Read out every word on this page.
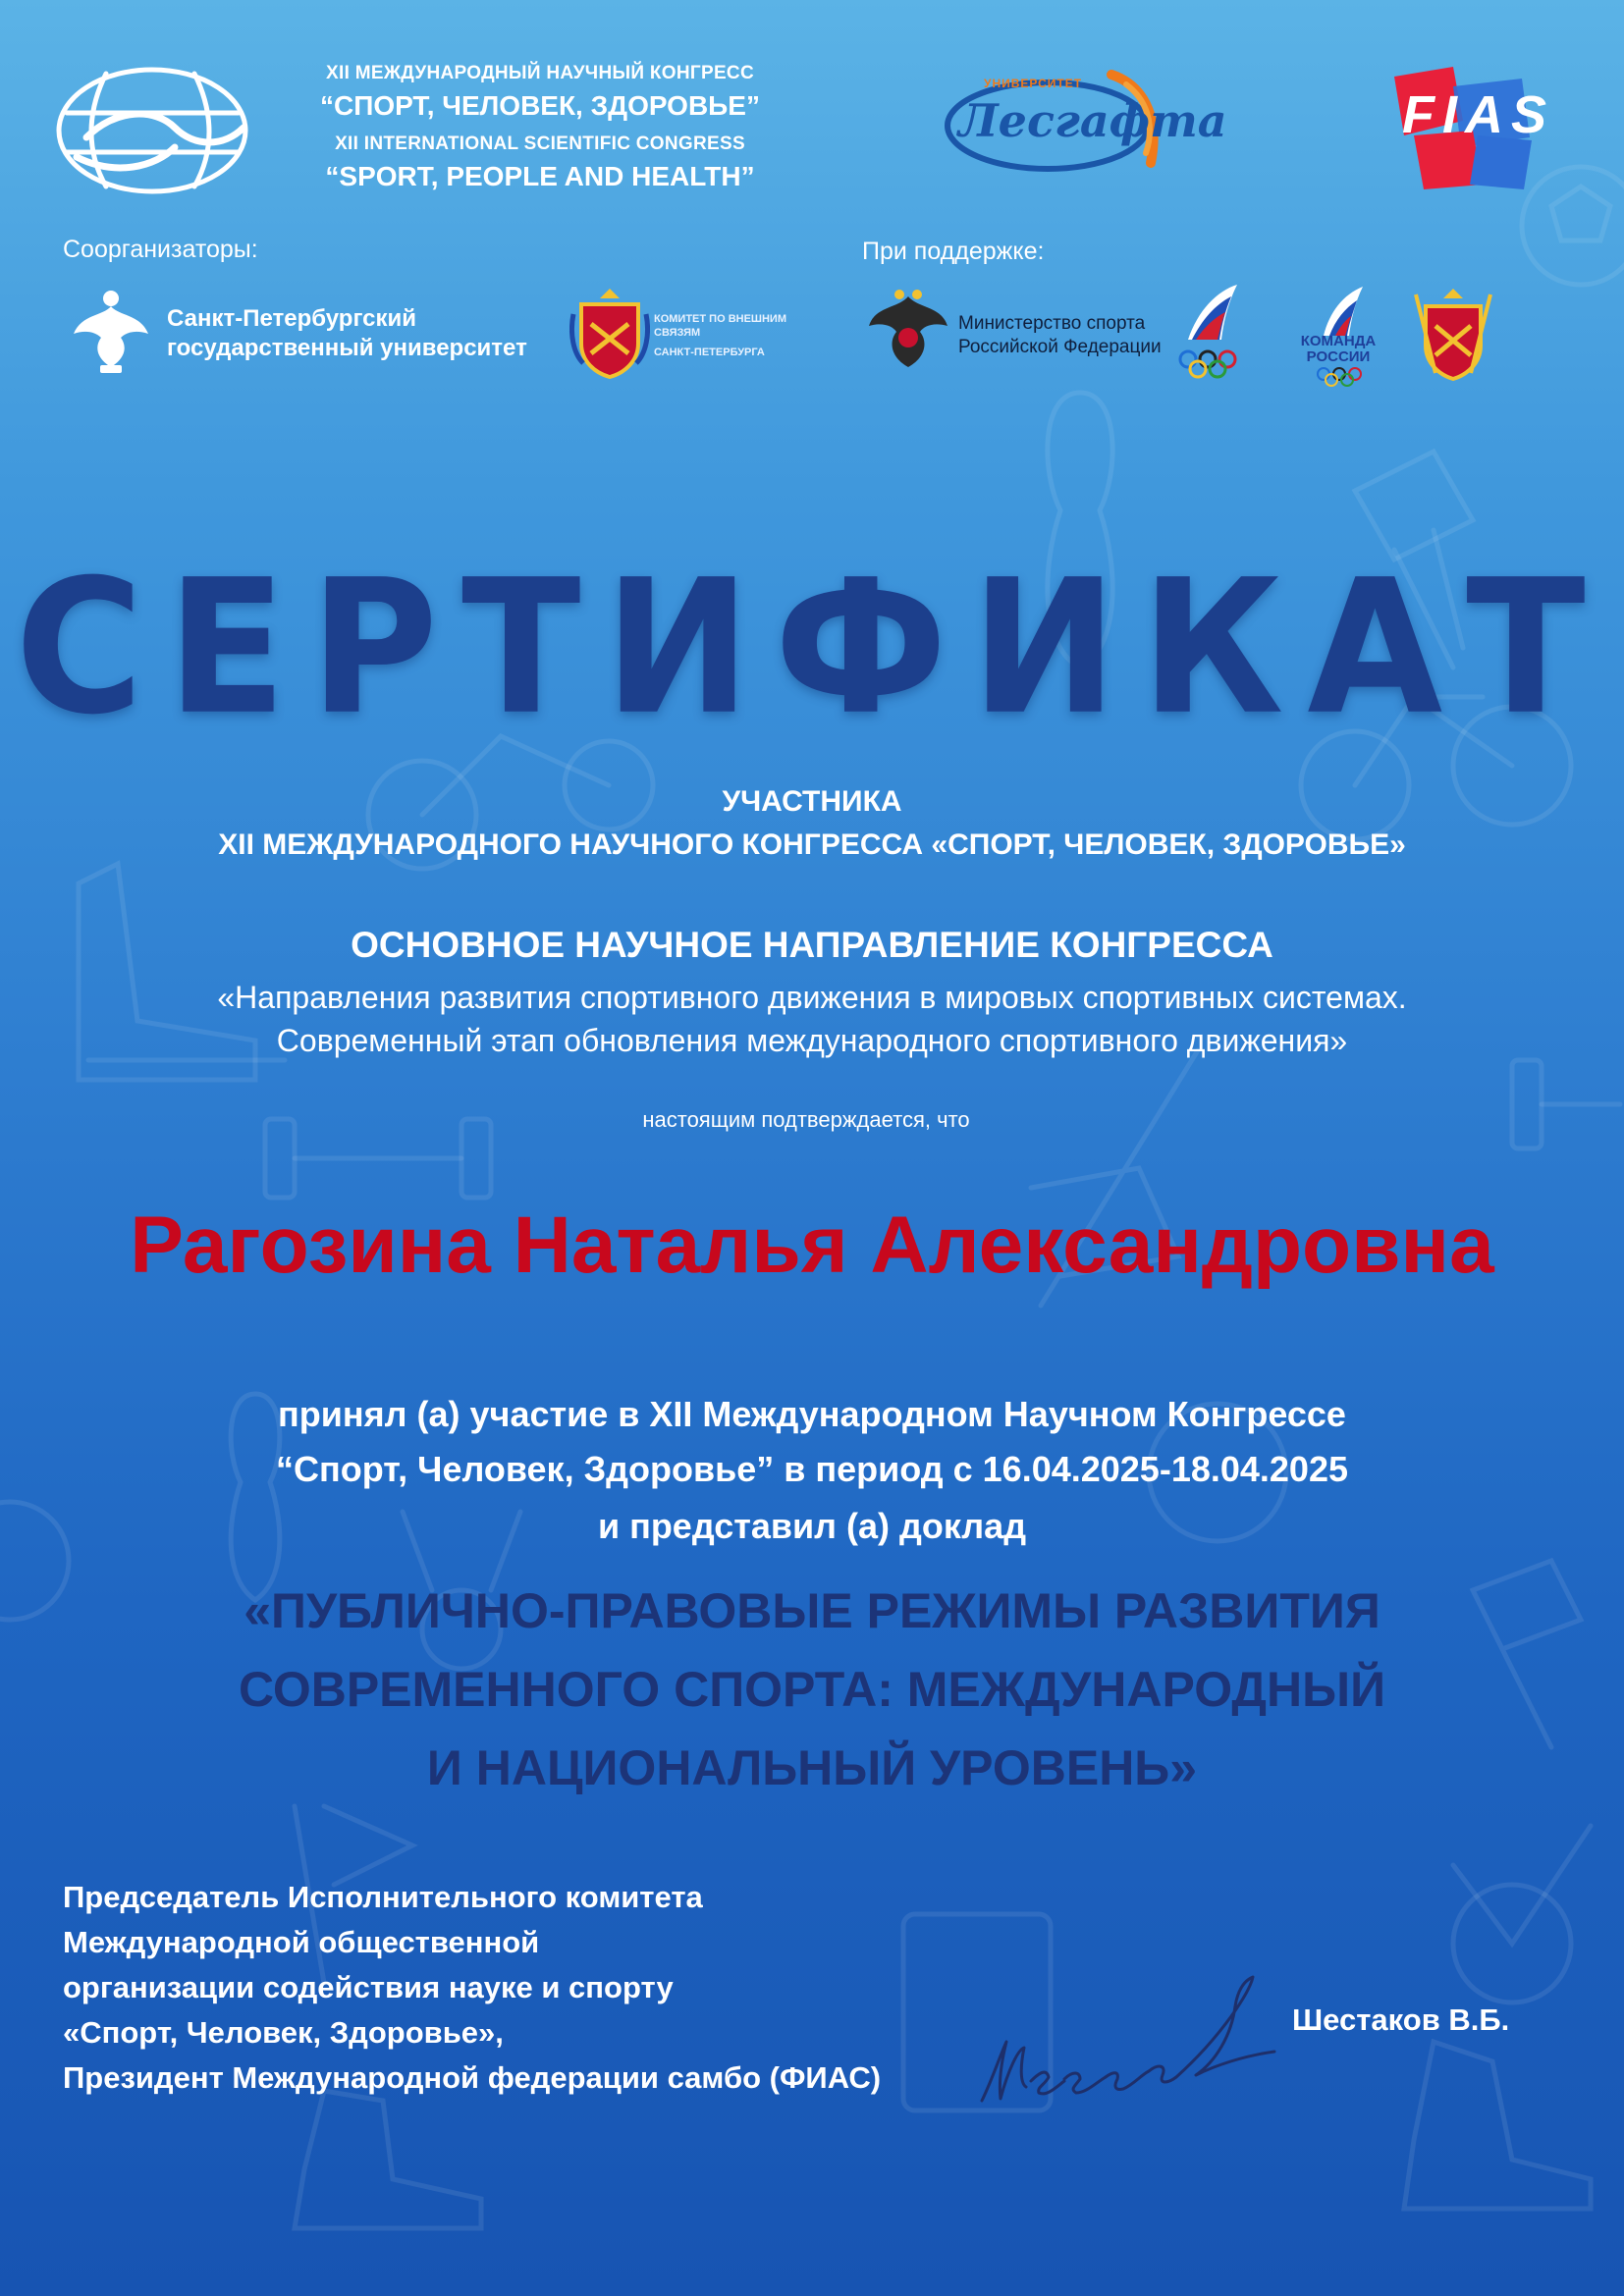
XII МЕЖДУНАРОДНЫЙ НАУЧНЫЙ КОНГРЕСС
“СПОРТ, ЧЕЛОВЕК, ЗДОРОВЬЕ”
XII INTERNATIONAL SCIENTIFIC CONGRESS
“SPORT, PEOPLE AND HEALTH”
УНИВЕРСИТЕТ
Лесгафта	FIAS
Соорганизаторы:	При поддержке:
Санкт-Петербургский
государственный университет
КОМИТЕТ ПО ВНЕШНИМ
СВЯЗЯМ
САНКТ-ПЕТЕРБУРГА
Министерство спорта
Российской Федерации	КОМАНДА
РОССИИ
СЕРТИФИКАТ
УЧАСТНИКА
XII МЕЖДУНАРОДНОГО НАУЧНОГО КОНГРЕССА «СПОРТ, ЧЕЛОВЕК, ЗДОРОВЬЕ»
ОСНОВНОЕ НАУЧНОЕ НАПРАВЛЕНИЕ КОНГРЕССА
«Направления развития спортивного движения в мировых спортивных системах.
Современный этап обновления международного спортивного движения»
настоящим подтверждается, что
Рагозина Наталья Александровна
принял (а) участие в XII Международном Научном Конгрессе
“Спорт, Человек, Здоровье” в период с 16.04.2025-18.04.2025
и представил (а) доклад
«ПУБЛИЧНО-ПРАВОВЫЕ РЕЖИМЫ РАЗВИТИЯ
СОВРЕМЕННОГО СПОРТА: МЕЖДУНАРОДНЫЙ
И НАЦИОНАЛЬНЫЙ УРОВЕНЬ»
Председатель Исполнительного комитета
Международной общественной
организации содействия науке и спорту
«Спорт, Человек, Здоровье»,
Президент Международной федерации самбо (ФИАС)
Шестаков В.Б.
